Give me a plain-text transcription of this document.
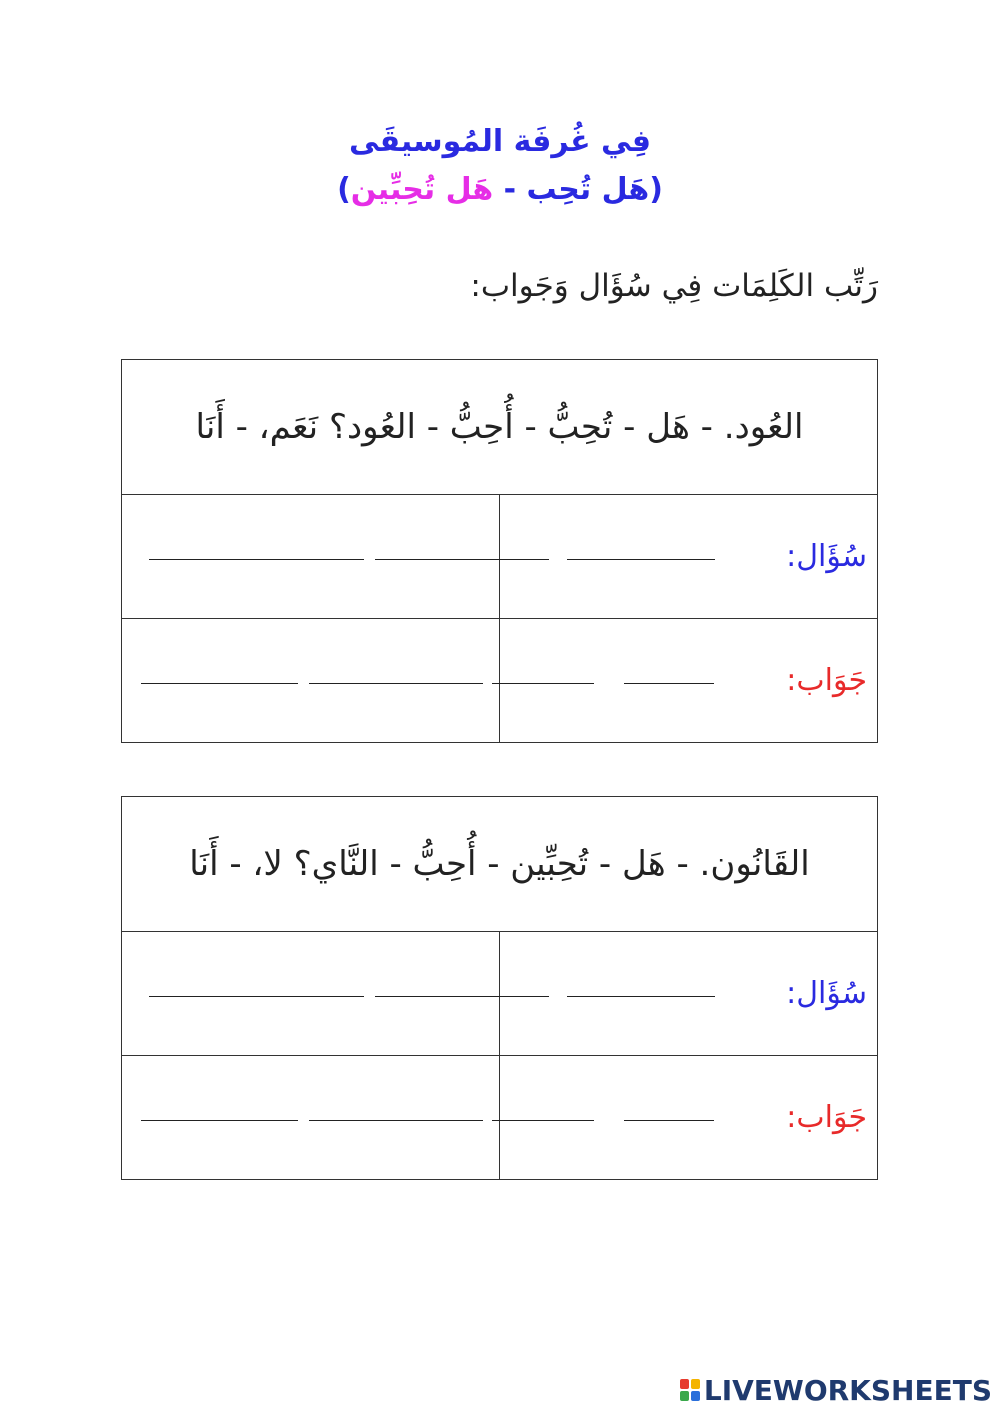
فِي غُرفَة المُوسيقَى
(هَل تُحِب - هَل تُحِبِّين)
رَتِّب الكَلِمَات فِي سُؤَال وَجَواب:
العُود. - هَل - تُحِبُّ - أُحِبُّ - العُود؟ نَعَم، - أَنَا	
سُؤَال:	

جَوَاب:	
القَانُون. - هَل - تُحِبِّين - أُحِبُّ - النَّاي؟ لا، - أَنَا	
سُؤَال:	

جَوَاب:	
LIVEWORKSHEETS
